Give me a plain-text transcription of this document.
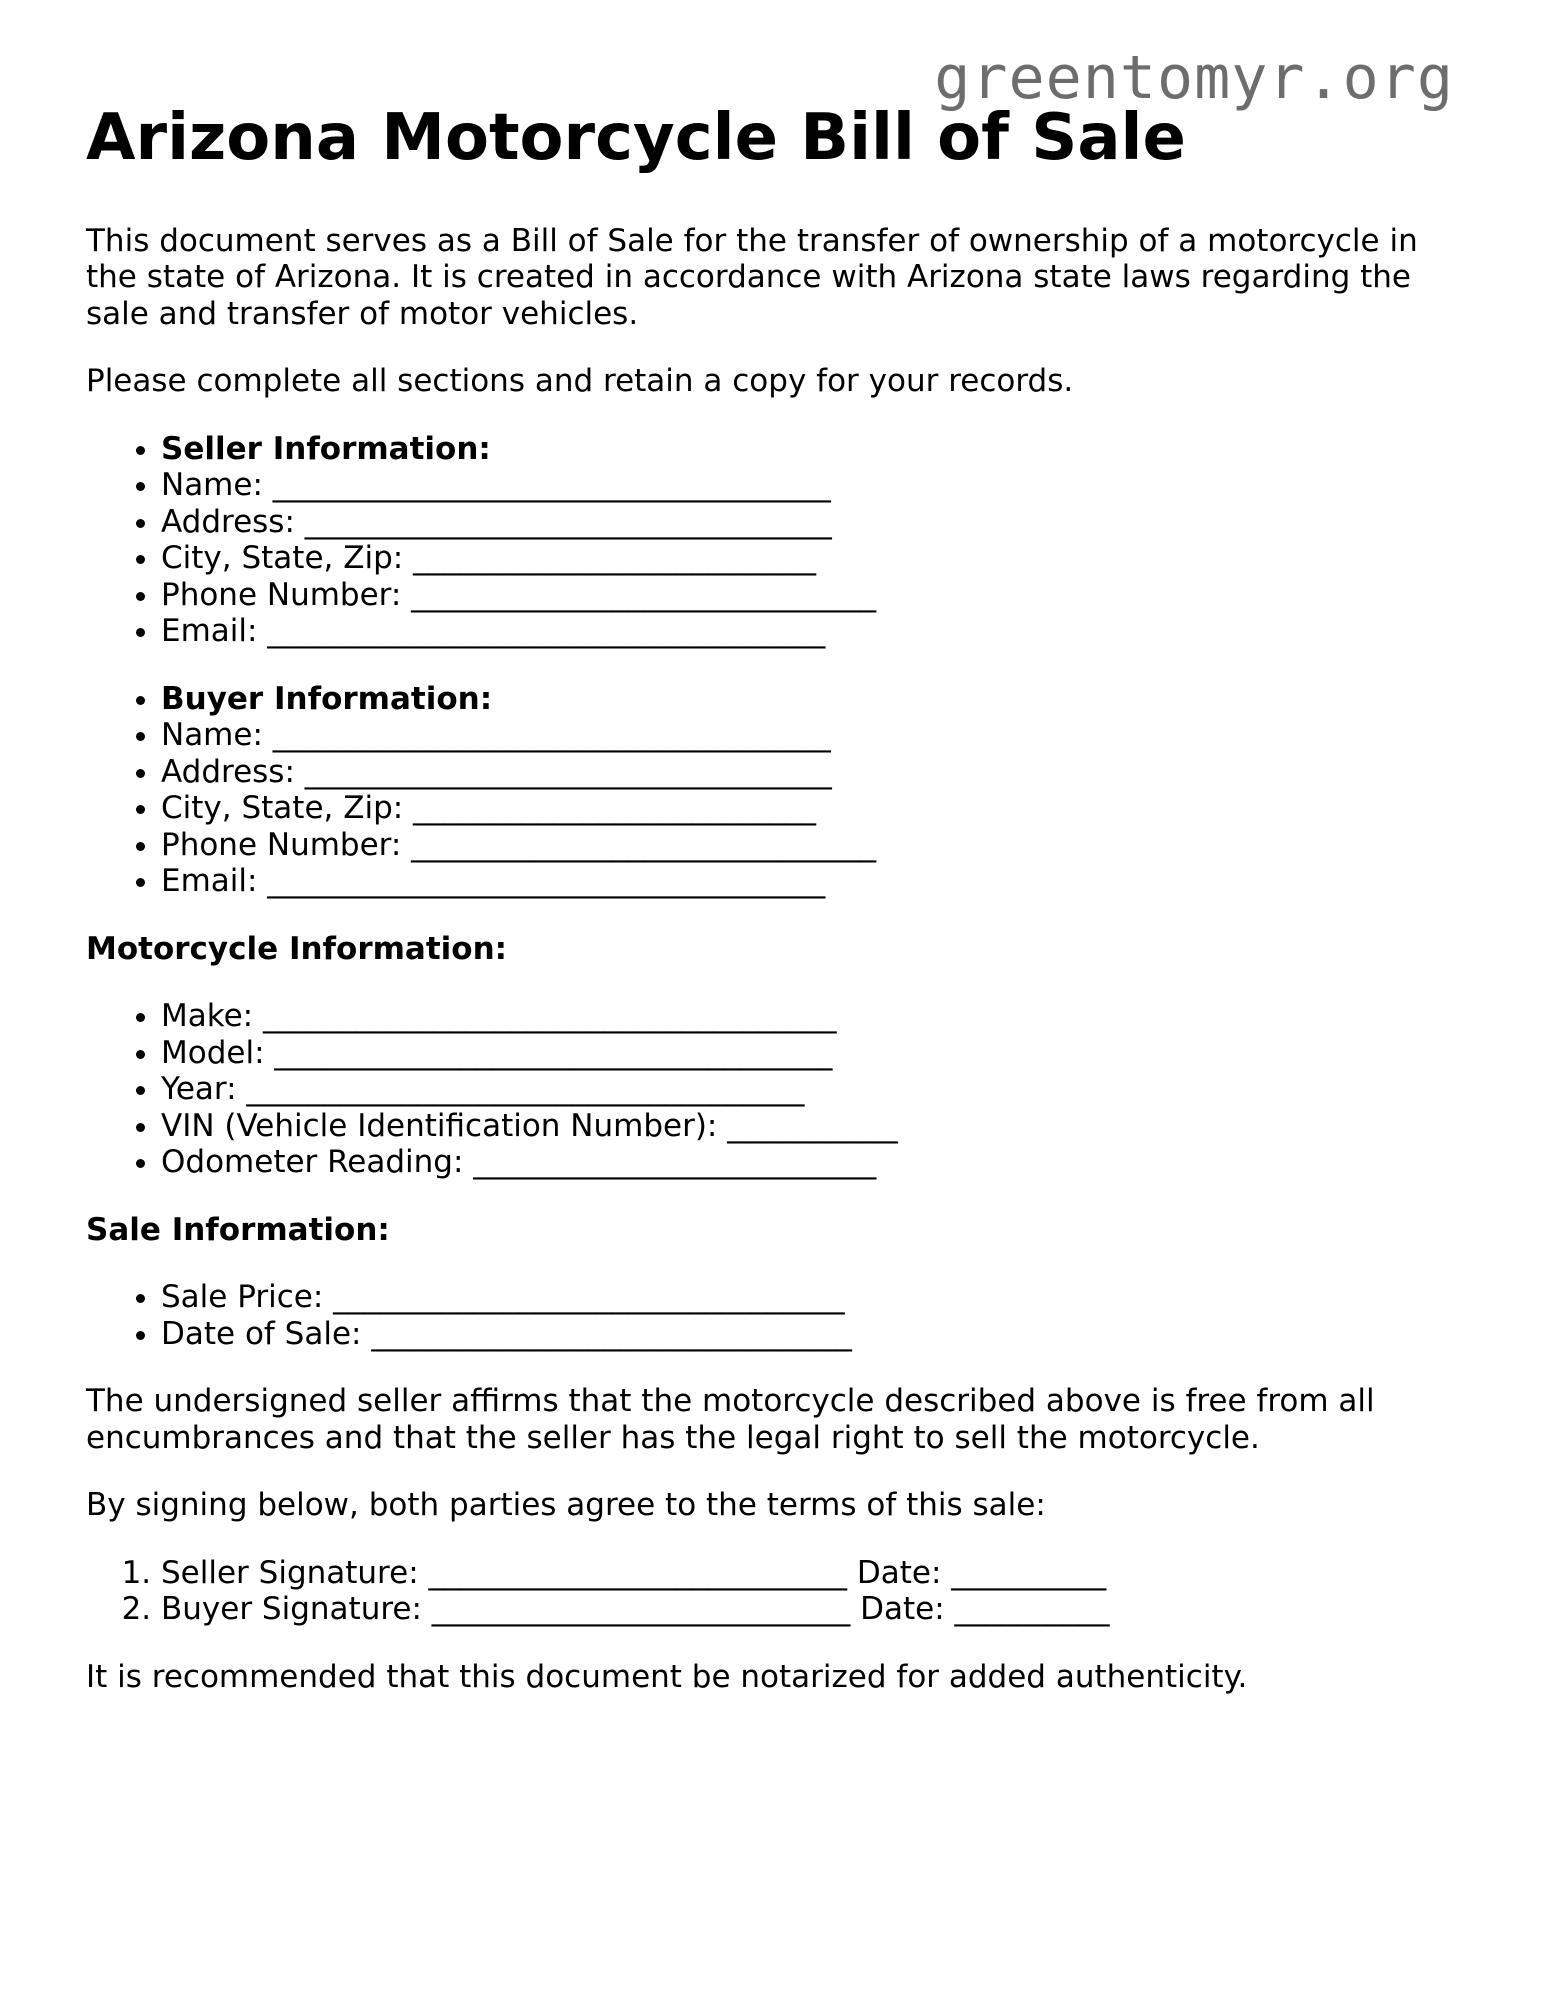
greentomyr.org
Arizona Motorcycle Bill of Sale

This document serves as a Bill of Sale for the transfer of ownership of a motorcycle in the state of Arizona. It is created in accordance with Arizona state laws regarding the sale and transfer of motor vehicles.

Please complete all sections and retain a copy for your records.

• Seller Information:
• Name: ____________________________________
• Address: __________________________________
• City, State, Zip: __________________________
• Phone Number: ______________________________
• Email: ____________________________________
• Buyer Information:
• Name: ____________________________________
• Address: __________________________________
• City, State, Zip: __________________________
• Phone Number: ______________________________
• Email: ____________________________________
Motorcycle Information:
• Make: _____________________________________
• Model: ____________________________________
• Year: ____________________________________
• VIN (Vehicle Identification Number): ___________
• Odometer Reading: __________________________
Sale Information:
• Sale Price: _________________________________
• Date of Sale: _______________________________

The undersigned seller affirms that the motorcycle described above is free from all encumbrances and that the seller has the legal right to sell the motorcycle.

By signing below, both parties agree to the terms of this sale:

1. Seller Signature: ___________________________ Date: __________
2. Buyer Signature: ___________________________ Date: __________

It is recommended that this document be notarized for added authenticity.
